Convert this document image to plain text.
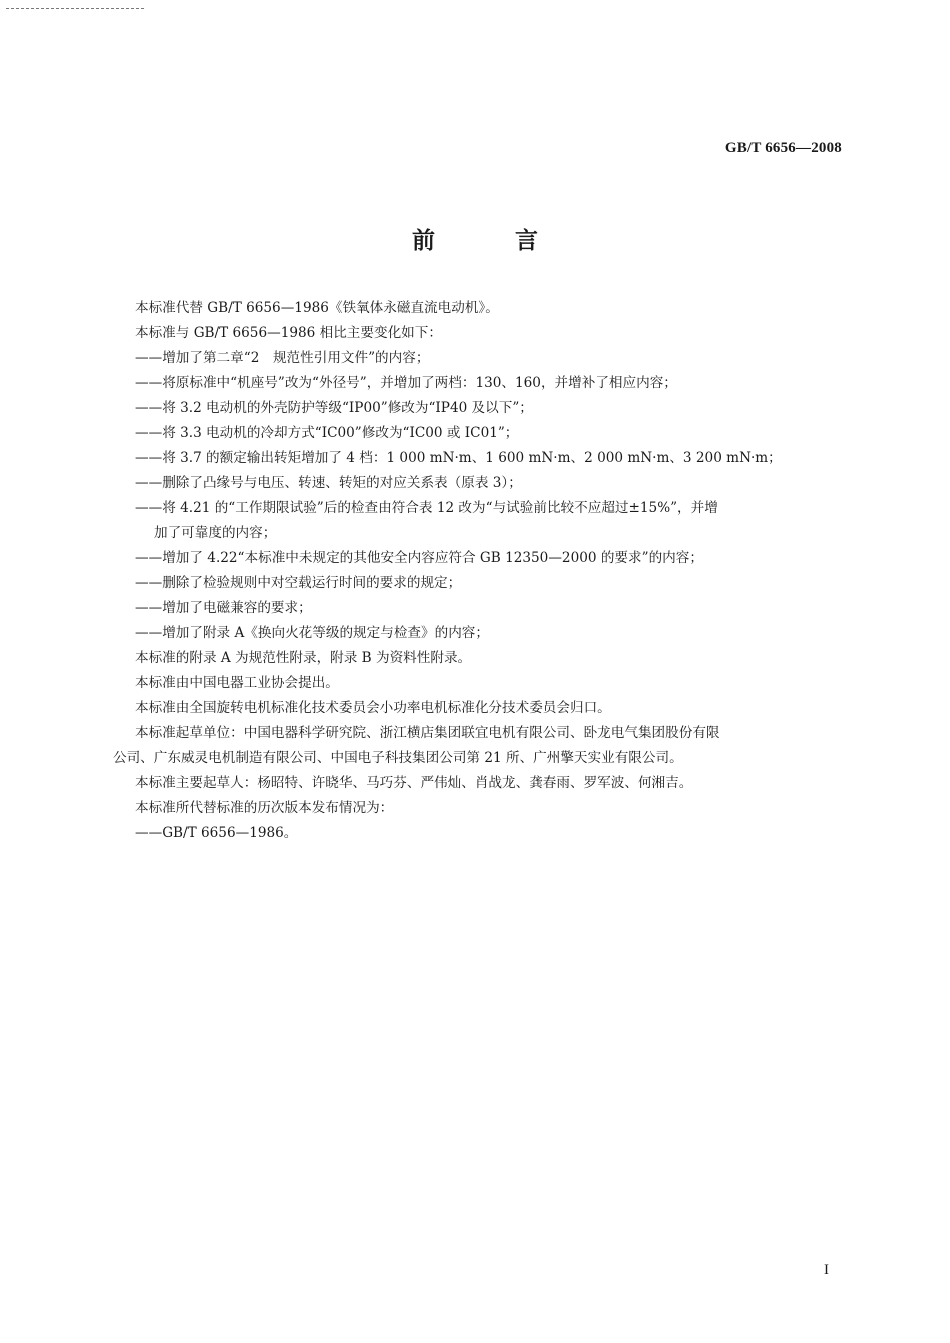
GB/T 6656—2008
前 言

本标准代替 GB/T 6656—1986《铁氧体永磁直流电动机》。

本标准与 GB/T 6656—1986 相比主要变化如下：

——增加了第二章“2　规范性引用文件”的内容；

——将原标准中“机座号”改为“外径号”，并增加了两档：130、160，并增补了相应内容；

——将 3.2 电动机的外壳防护等级“IP00”修改为“IP40 及以下”；

——将 3.3 电动机的冷却方式“IC00”修改为“IC00 或 IC01”；

——将 3.7 的额定输出转矩增加了 4 档：1 000 mN·m、1 600 mN·m、2 000 mN·m、3 200 mN·m；

——删除了凸缘号与电压、转速、转矩的对应关系表（原表 3）；

——将 4.21 的“工作期限试验”后的检查由符合表 12 改为“与试验前比较不应超过±15%”，并增

加了可靠度的内容；

——增加了 4.22“本标准中未规定的其他安全内容应符合 GB 12350—2000 的要求”的内容；

——删除了检验规则中对空载运行时间的要求的规定；

——增加了电磁兼容的要求；

——增加了附录 A《换向火花等级的规定与检查》的内容；

本标准的附录 A 为规范性附录，附录 B 为资料性附录。

本标准由中国电器工业协会提出。

本标准由全国旋转电机标准化技术委员会小功率电机标准化分技术委员会归口。

本标准起草单位：中国电器科学研究院、浙江横店集团联宜电机有限公司、卧龙电气集团股份有限

公司、广东威灵电机制造有限公司、中国电子科技集团公司第 21 所、广州擎天实业有限公司。

本标准主要起草人：杨昭特、许晓华、马巧芬、严伟灿、肖战龙、龚春雨、罗军波、何湘吉。

本标准所代替标准的历次版本发布情况为：

——GB/T 6656—1986。

I
